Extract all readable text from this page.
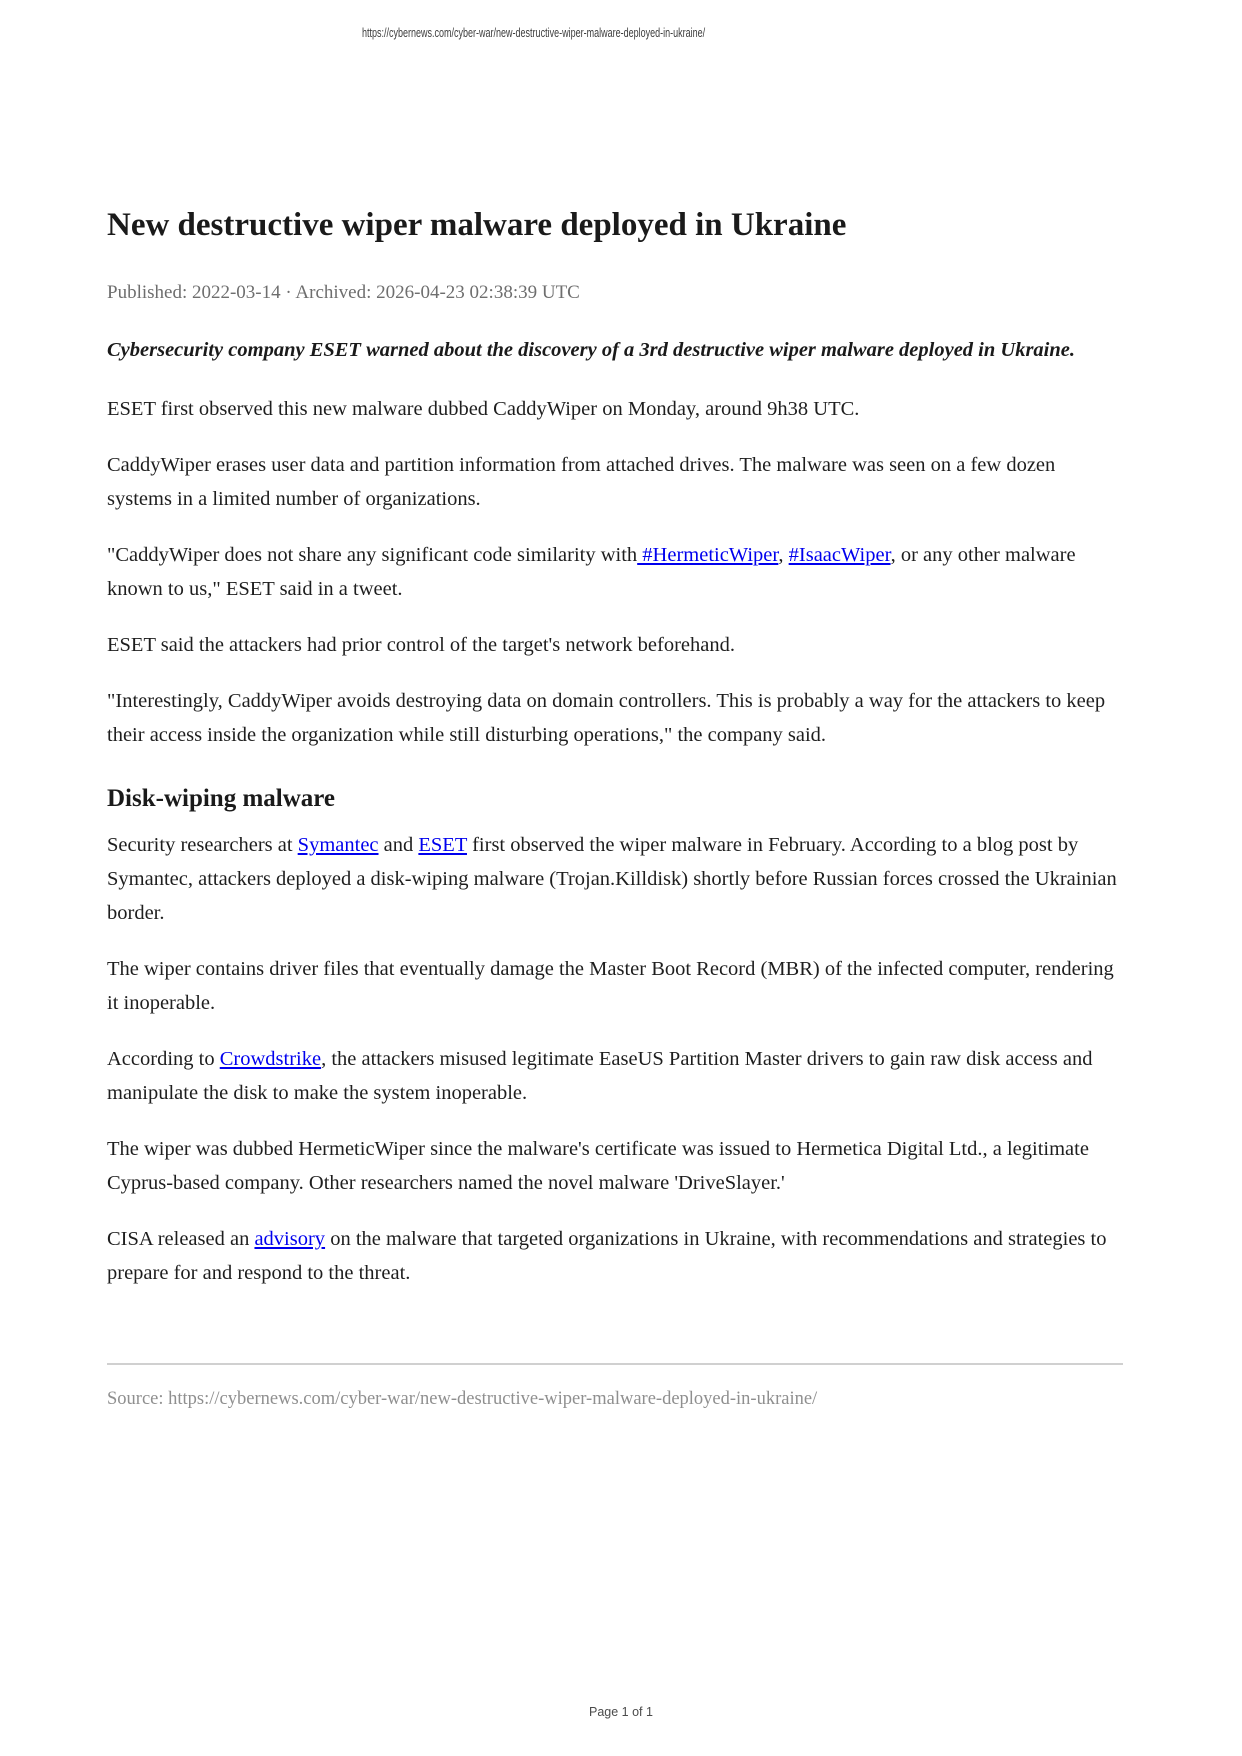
https://cybernews.com/cyber-war/new-destructive-wiper-malware-deployed-in-ukraine/
New destructive wiper malware deployed in Ukraine
Published: 2022-03-14 · Archived: 2026-04-23 02:38:39 UTC

Cybersecurity company ESET warned about the discovery of a 3rd destructive wiper malware deployed in Ukraine.

ESET first observed this new malware dubbed CaddyWiper on Monday, around 9h38 UTC.

CaddyWiper erases user data and partition information from attached drives. The malware was seen on a few dozen systems in a limited number of organizations.

"CaddyWiper does not share any significant code similarity with #HermeticWiper, #IsaacWiper, or any other malware known to us," ESET said in a tweet.

ESET said the attackers had prior control of the target's network beforehand.

"Interestingly, CaddyWiper avoids destroying data on domain controllers. This is probably a way for the attackers to keep their access inside the organization while still disturbing operations," the company said.

Disk-wiping malware

Security researchers at Symantec and ESET first observed the wiper malware in February. According to a blog post by Symantec, attackers deployed a disk-wiping malware (Trojan.Killdisk) shortly before Russian forces crossed the Ukrainian border.

The wiper contains driver files that eventually damage the Master Boot Record (MBR) of the infected computer, rendering it inoperable.

According to Crowdstrike, the attackers misused legitimate EaseUS Partition Master drivers to gain raw disk access and manipulate the disk to make the system inoperable.

The wiper was dubbed HermeticWiper since the malware's certificate was issued to Hermetica Digital Ltd., a legitimate Cyprus-based company. Other researchers named the novel malware 'DriveSlayer.'

CISA released an advisory on the malware that targeted organizations in Ukraine, with recommendations and strategies to prepare for and respond to the threat.

Source: https://cybernews.com/cyber-war/new-destructive-wiper-malware-deployed-in-ukraine/
Page 1 of 1
